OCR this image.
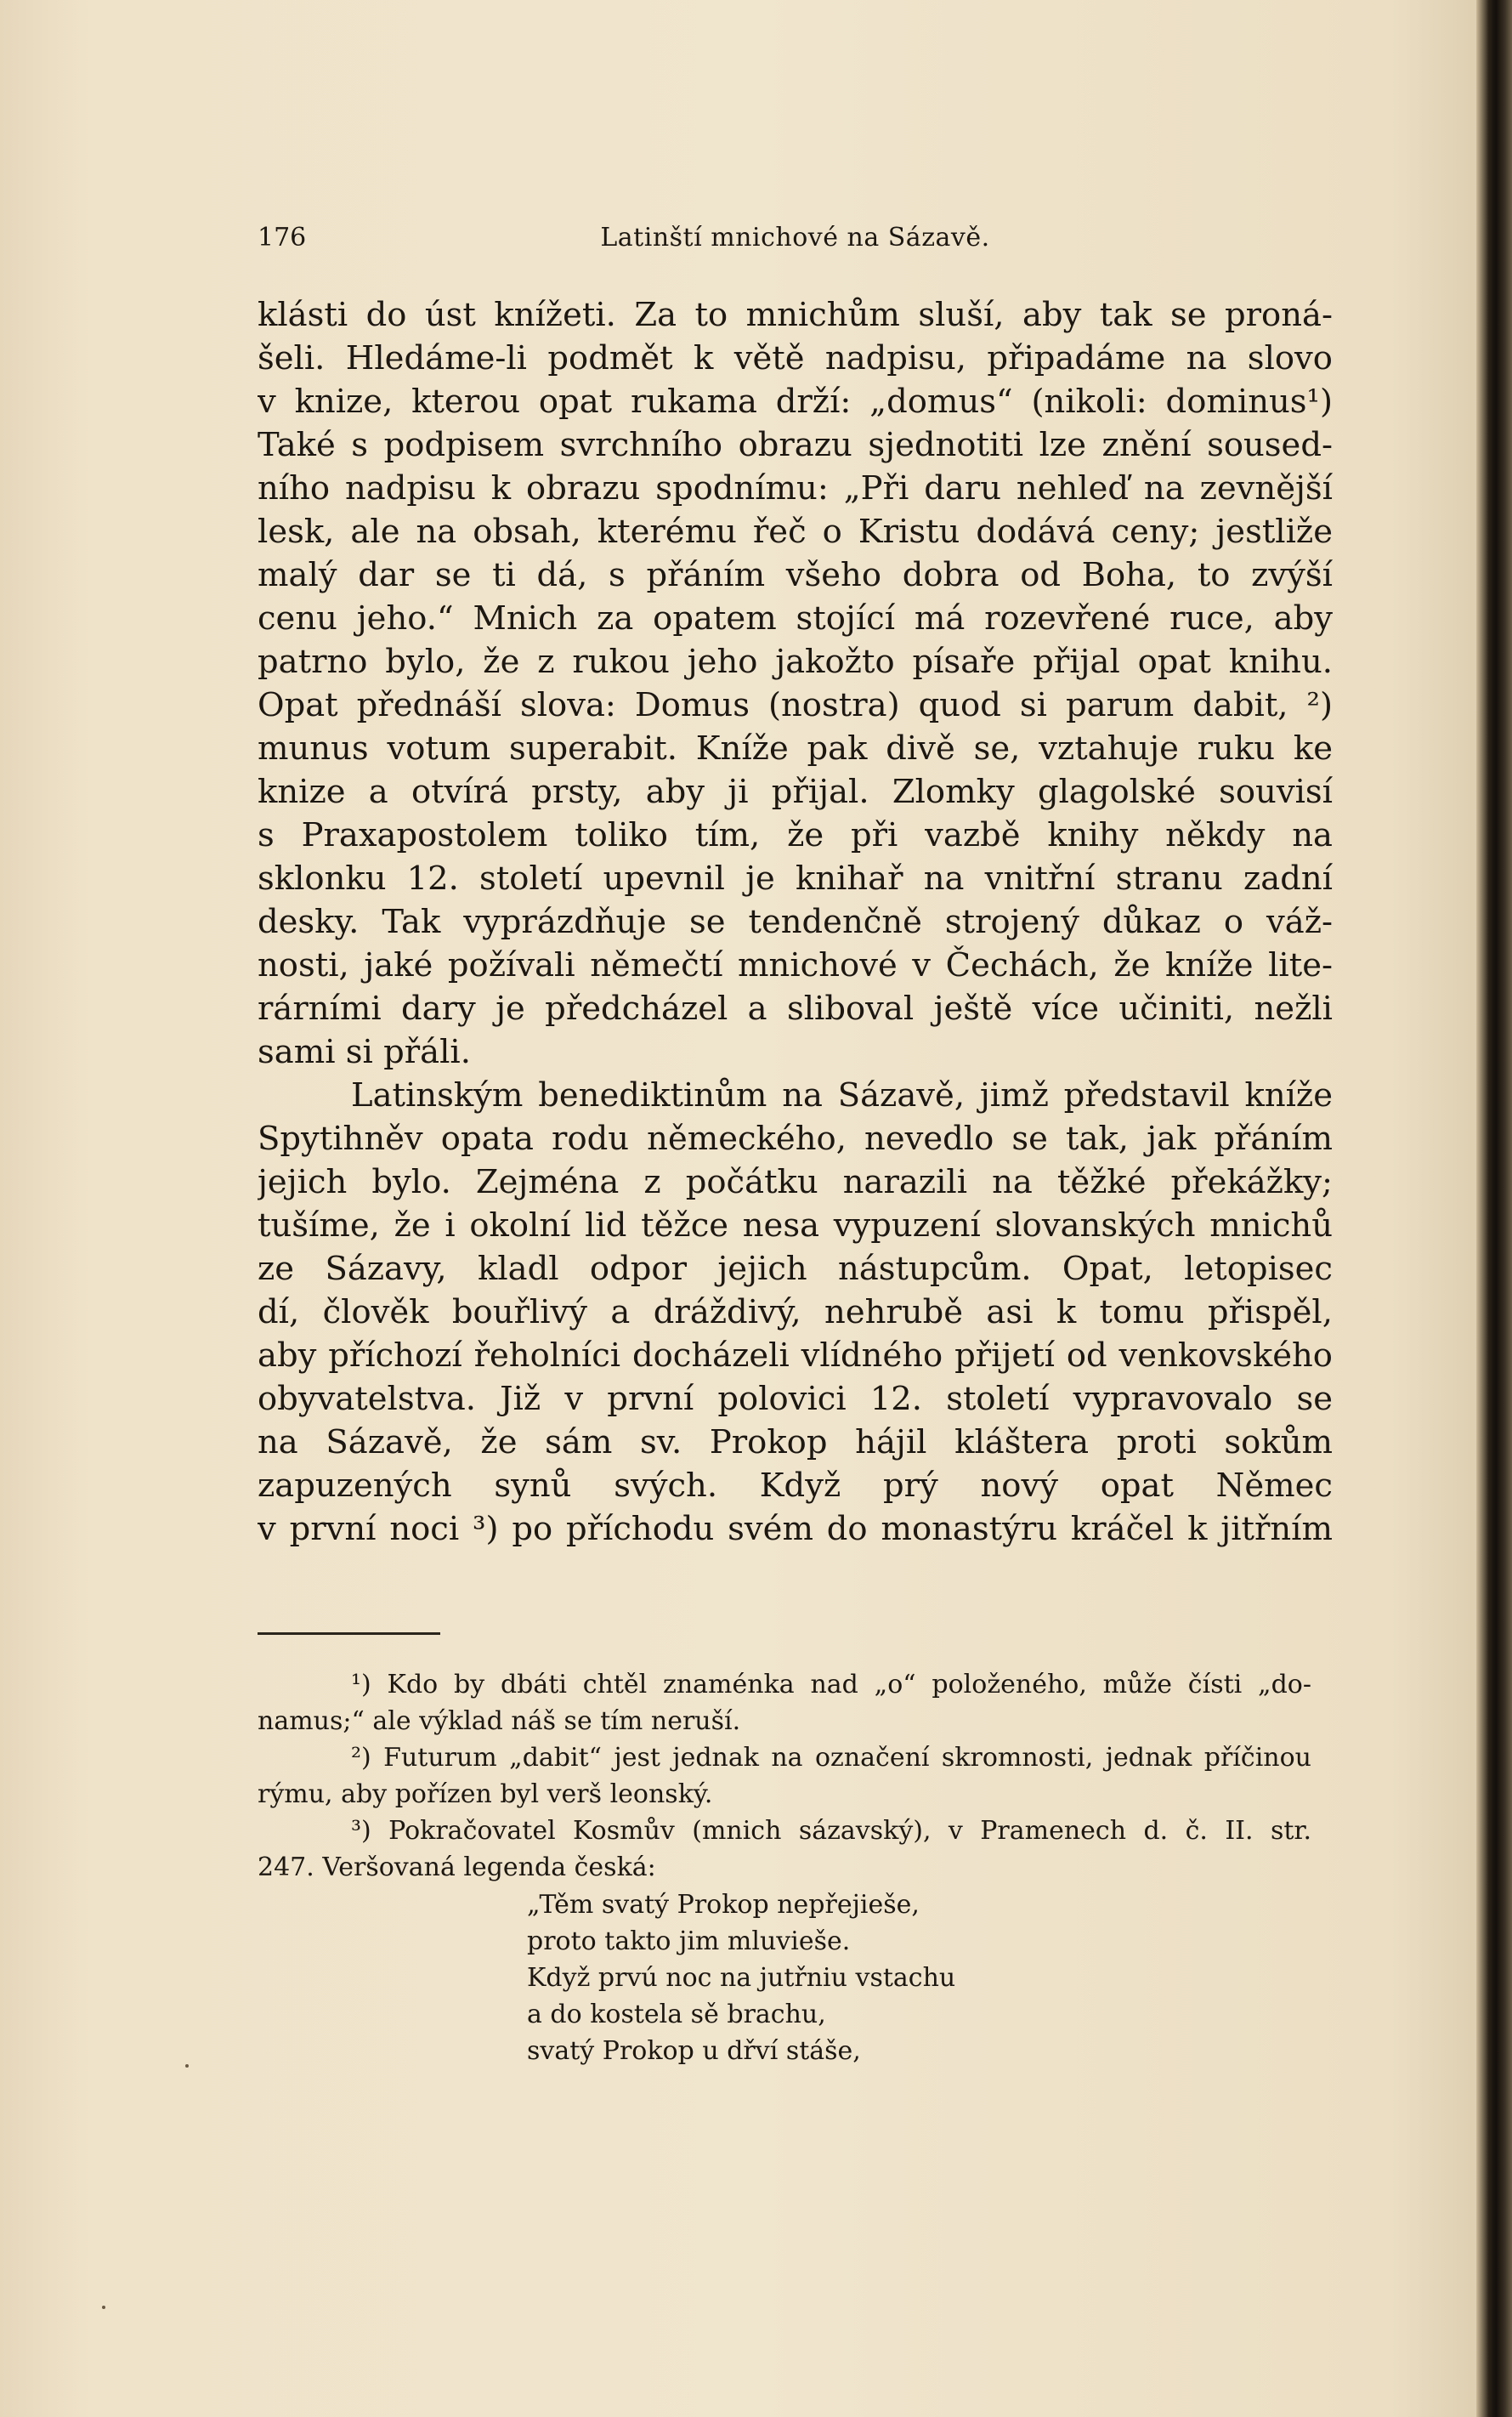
176	Latinští mnichové na Sázavě.
klásti do úst knížeti. Za to mnichům sluší, aby tak se proná-
šeli. Hledáme-li podmět k větě nadpisu, připadáme na slovo
v knize, kterou opat rukama drží: „domus“ (nikoli: dominus¹)
Také s podpisem svrchního obrazu sjednotiti lze znění soused-
ního nadpisu k obrazu spodnímu: „Při daru nehleď na zevnější
lesk, ale na obsah, kterému řeč o Kristu dodává ceny; jestliže
malý dar se ti dá, s přáním všeho dobra od Boha, to zvýší
cenu jeho.“ Mnich za opatem stojící má rozevřené ruce, aby
patrno bylo, že z rukou jeho jakožto písaře přijal opat knihu.
Opat přednáší slova: Domus (nostra) quod si parum dabit, ²)
munus votum superabit. Kníže pak divě se, vztahuje ruku ke
knize a otvírá prsty, aby ji přijal. Zlomky glagolské souvisí
s Praxapostolem toliko tím, že při vazbě knihy někdy na
sklonku 12. století upevnil je knihař na vnitřní stranu zadní
desky. Tak vyprázdňuje se tendenčně strojený důkaz o váž-
nosti, jaké požívali němečtí mnichové v Čechách, že kníže lite-
rárními dary je předcházel a sliboval ještě více učiniti, nežli
sami si přáli.
Latinským benediktinům na Sázavě, jimž představil kníže
Spytihněv opata rodu německého, nevedlo se tak, jak přáním
jejich bylo. Zejména z počátku narazili na těžké překážky;
tušíme, že i okolní lid těžce nesa vypuzení slovanských mnichů
ze Sázavy, kladl odpor jejich nástupcům. Opat, letopisec
dí, člověk bouřlivý a dráždivý, nehrubě asi k tomu přispěl,
aby příchozí řeholníci docházeli vlídného přijetí od venkovského
obyvatelstva. Již v první polovici 12. století vypravovalo se
na Sázavě, že sám sv. Prokop hájil kláštera proti sokům
zapuzených synů svých. Když prý nový opat Němec
v první noci ³) po příchodu svém do monastýru kráčel k jitřním
¹) Kdo by dbáti chtěl znaménka nad „o“ položeného, může čísti „do-
namus;“ ale výklad náš se tím neruší.
²) Futurum „dabit“ jest jednak na označení skromnosti, jednak příčinou
rýmu, aby pořízen byl verš leonský.
³) Pokračovatel Kosmův (mnich sázavský), v Pramenech d. č. II. str.
247. Veršovaná legenda česká:
„Těm svatý Prokop nepřejieše,
proto takto jim mluvieše.
Když prvú noc na jutřniu vstachu
a do kostela sě brachu,
svatý Prokop u dřví stáše,
